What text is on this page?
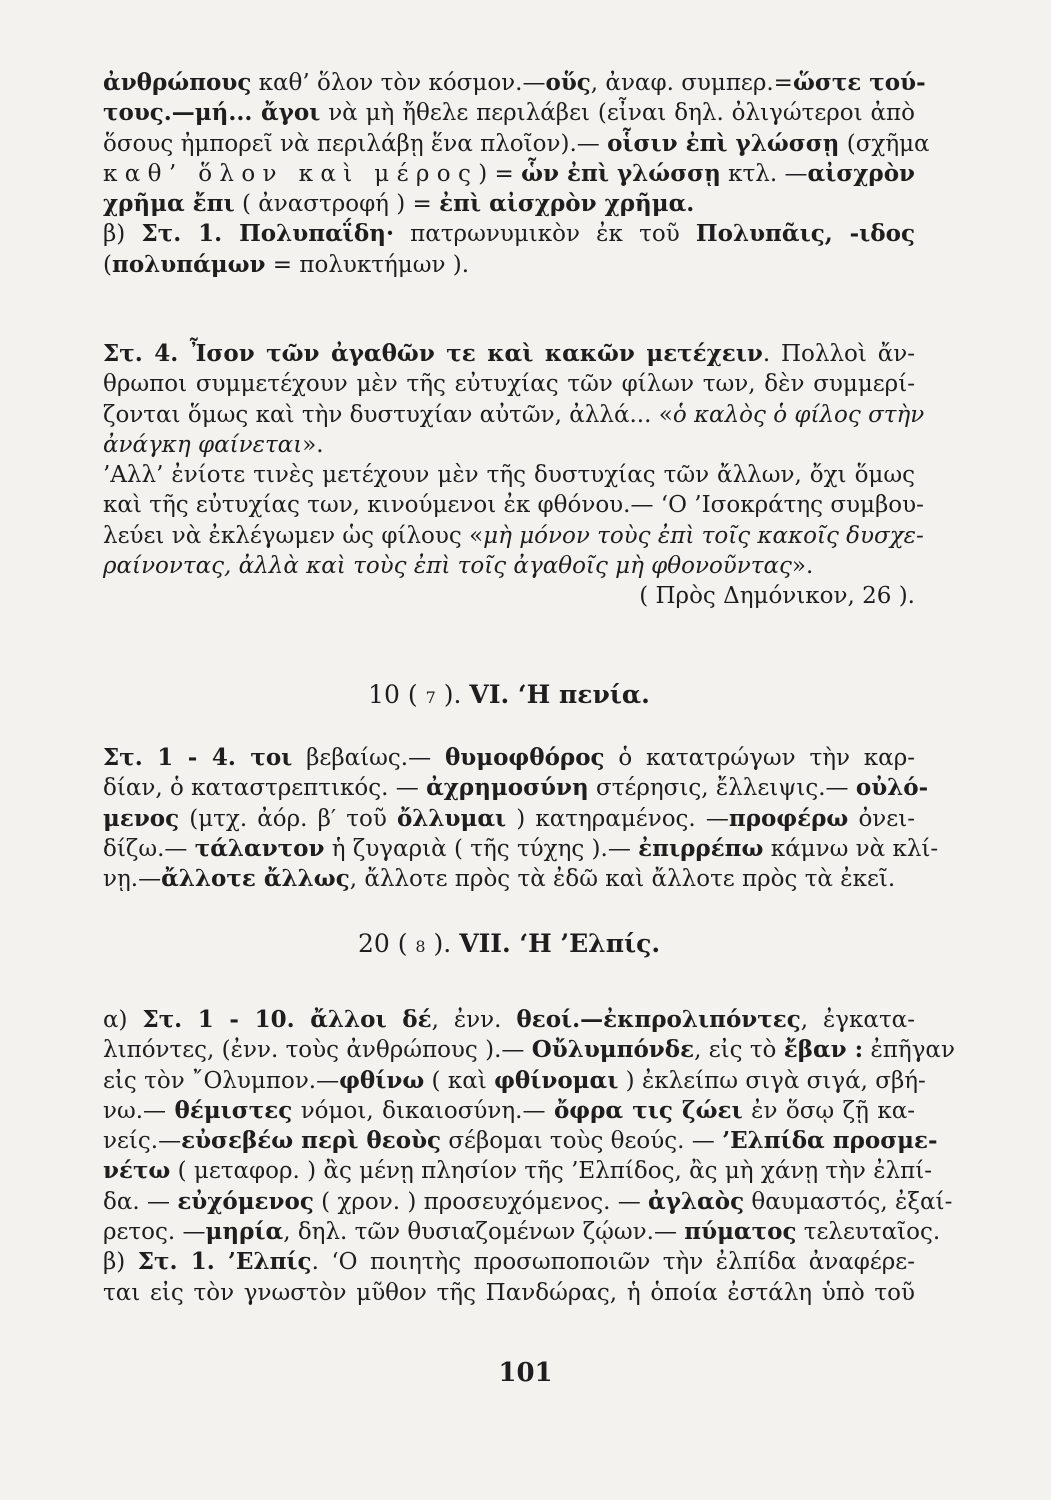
ἀνθρώπους καθ’ ὅλον τὸν κόσμον.—οὕς, ἀναφ. συμπερ.=ὥστε τού-
τους.—μή... ἄγοι νὰ μὴ ἤθελε περιλάβει (εἶναι δηλ. ὀλιγώτεροι ἀπὸ
ὅσους ἠμπορεῖ νὰ περιλάβῃ ἕνα πλοῖον).— οἷσιν ἐπὶ γλώσσῃ (σχῆμα
καθ’ ὅλον καὶ μέρος) = ὧν ἐπὶ γλώσσῃ κτλ. —αἰσχρὸν
χρῆμα ἔπι ( ἀναστροφή ) = ἐπὶ αἰσχρὸν χρῆμα.
β) Στ. 1. Πολυπαΐδη· πατρωνυμικὸν ἐκ τοῦ Πολυπᾶις, -ιδος
(πολυπάμων = πολυκτήμων ).
Στ. 4. Ἶσον τῶν ἀγαθῶν τε καὶ κακῶν μετέχειν. Πολλοὶ ἄν-
θρωποι συμμετέχουν μὲν τῆς εὐτυχίας τῶν φίλων των, δὲν συμμερί-
ζονται ὅμως καὶ τὴν δυστυχίαν αὐτῶν, ἀλλά... «ὁ καλὸς ὁ φίλος στὴν
ἀνάγκη φαίνεται».
’Αλλ’ ἐνίοτε τινὲς μετέχουν μὲν τῆς δυστυχίας τῶν ἄλλων, ὄχι ὅμως
καὶ τῆς εὐτυχίας των, κινούμενοι ἐκ φθόνου.— ‘Ο ’Ισοκράτης συμβου-
λεύει νὰ ἐκλέγωμεν ὡς φίλους «μὴ μόνον τοὺς ἐπὶ τοῖς κακοῖς δυσχε-
ραίνοντας, ἀλλὰ καὶ τοὺς ἐπὶ τοῖς ἀγαθοῖς μὴ φθονοῦντας».
( Πρὸς Δημόνικον, 26 ).
10 ( 7 ). VI. ‘Η πενία.
Στ. 1 - 4. τοι βεβαίως.— θυμοφθόρος ὁ κατατρώγων τὴν καρ-
δίαν, ὁ καταστρεπτικός. — ἀχρημοσύνη στέρησις, ἔλλειψις.— οὐλό-
μενος (μτχ. ἀόρ. β′ τοῦ ὄλλυμαι ) κατηραμένος. —προφέρω ὀνει-
δίζω.— τάλαντον ἡ ζυγαριὰ ( τῆς τύχης ).— ἐπιρρέπω κάμνω νὰ κλί-
νῃ.—ἄλλοτε ἄλλως, ἄλλοτε πρὸς τὰ ἐδῶ καὶ ἄλλοτε πρὸς τὰ ἐκεῖ.
20 ( 8 ). VII. ‘Η ’Ελπίς.
α) Στ. 1 - 10. ἄλλοι δέ, ἐνν. θεοί.—ἐκπρολιπόντες, ἐγκατα-
λιπόντες, (ἐνν. τοὺς ἀνθρώπους ).— Οὔλυμπόνδε, εἰς τὸ ἔβαν : ἐπῆγαν
εἰς τὸν ῎Ολυμπον.—φθίνω ( καὶ φθίνομαι ) ἐκλείπω σιγὰ σιγά, σβή-
νω.— θέμιστες νόμοι, δικαιοσύνη.— ὄφρα τις ζώει ἐν ὅσῳ ζῇ κα-
νείς.—εὐσεβέω περὶ θεοὺς σέβομαι τοὺς θεούς. — ’Ελπίδα προσμε-
νέτω ( μεταφορ. ) ἂς μένῃ πλησίον τῆς ’Ελπίδος, ἂς μὴ χάνῃ τὴν ἐλπί-
δα. — εὐχόμενος ( χρον. ) προσευχόμενος. — ἀγλαὸς θαυμαστός, ἐξαί-
ρετος. —μηρία, δηλ. τῶν θυσιαζομένων ζῴων.— πύματος τελευταῖος.
β) Στ. 1. ’Ελπίς. ‘Ο ποιητὴς προσωποποιῶν τὴν ἐλπίδα ἀναφέρε-
ται εἰς τὸν γνωστὸν μῦθον τῆς Πανδώρας, ἡ ὁποία ἐστάλη ὑπὸ τοῦ
101
